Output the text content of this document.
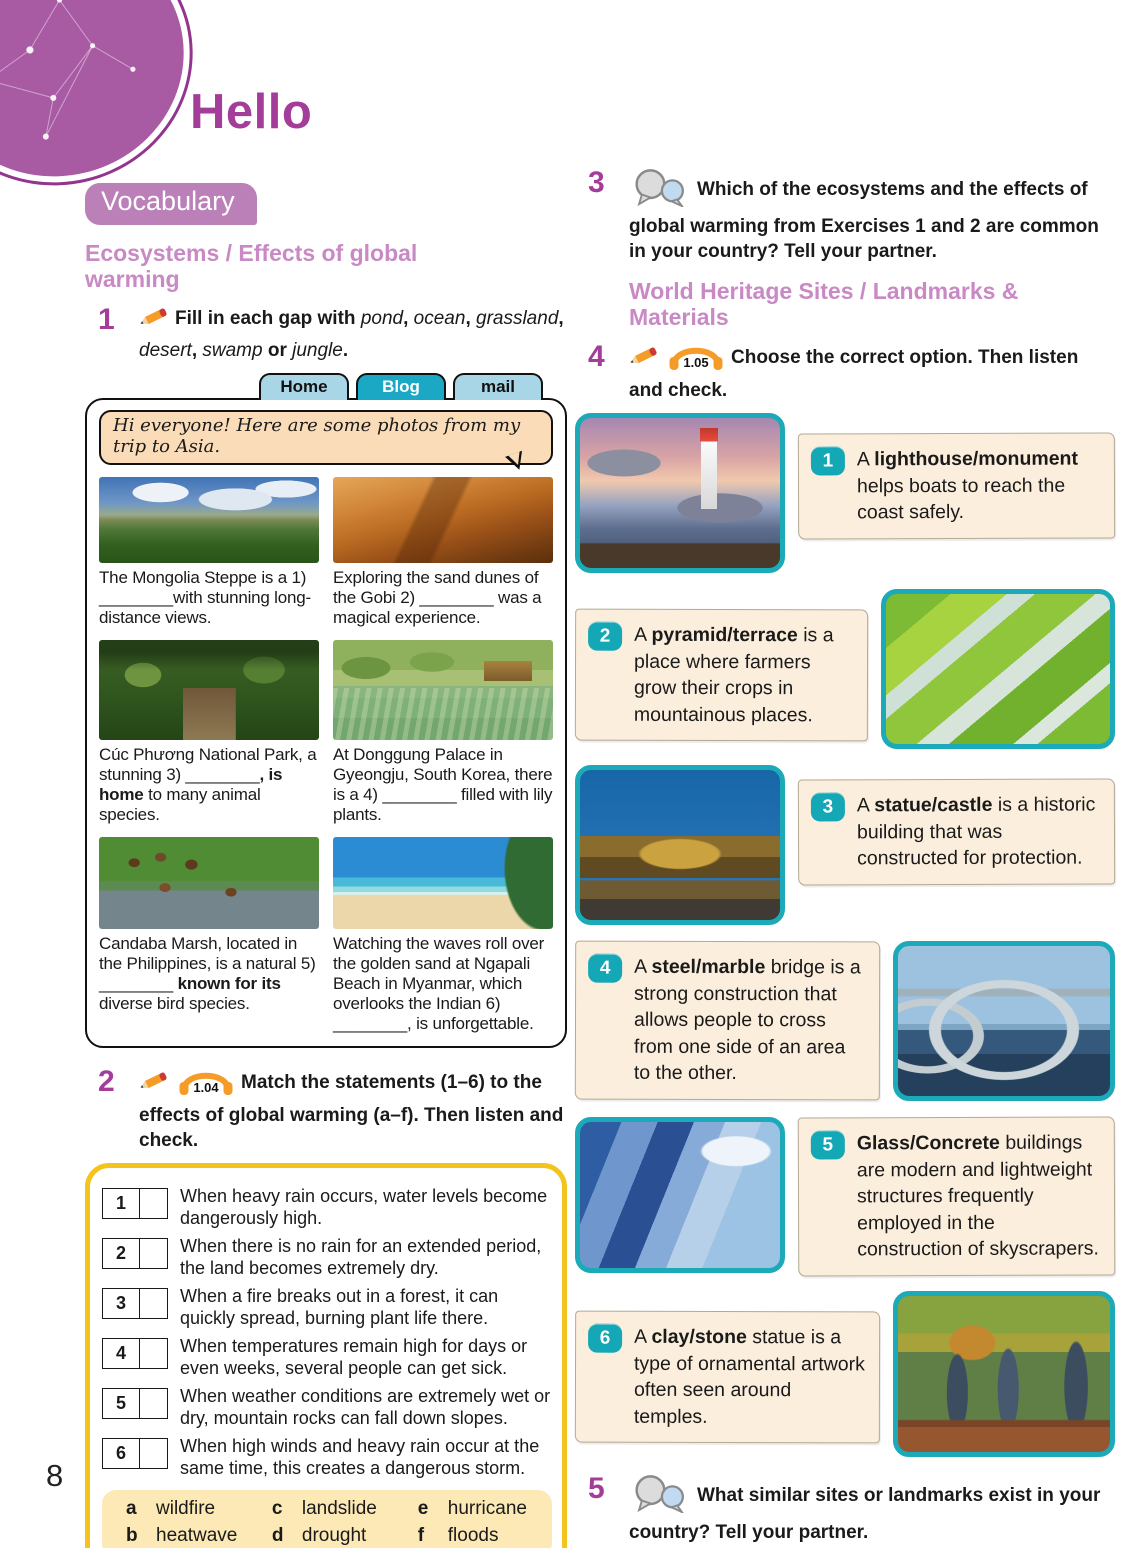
Hello
Vocabulary
Ecosystems / Effects of global warming
1	Fill in each gap with pond, ocean, grassland, desert, swamp or jungle.
Home	Blog	mail
Hi everyone! Here are some photos from my trip to Asia.
The Mongolia Steppe is a 1) ________with stunning long-distance views.
Exploring the sand dunes of the Gobi 2) ________ was a magical experience.
Cúc Phương National Park, a stunning 3) ________, is home to many animal species.
At Donggung Palace in Gyeongju, South Korea, there is a 4) ________ filled with lily plants.
Candaba Marsh, located in the Philippines, is a natural 5) ________ known for its diverse bird species.
Watching the waves roll over the golden sand at Ngapali Beach in Myanmar, which overlooks the Indian 6) ________, is unforgettable.
2	1.04 Match the statements (1–6) to the effects of global warming (a–f). Then listen and check.
1	When heavy rain occurs, water levels become dangerously high.
2	When there is no rain for an extended period, the land becomes extremely dry.
3	When a fire breaks out in a forest, it can quickly spread, burning plant life there.
4	When temperatures remain high for days or even weeks, several people can get sick.
5	When weather conditions are extremely wet or dry, mountain rocks can fall down slopes.
6	When high winds and heavy rain occur at the same time, this creates a dangerous storm.
a wildfire	c landslide	e hurricane
b heatwave	d drought	f floods
3	Which of the ecosystems and the effects of global warming from Exercises 1 and 2 are common in your country? Tell your partner.
World Heritage Sites / Landmarks & Materials
4	1.05 Choose the correct option. Then listen and check.
1	A lighthouse/monument helps boats to reach the coast safely.
2	A pyramid/terrace is a place where farmers grow their crops in mountainous places.
3	A statue/castle is a historic building that was constructed for protection.
4	A steel/marble bridge is a strong construction that allows people to cross from one side of an area to the other.
5	Glass/Concrete buildings are modern and lightweight structures frequently employed in the construction of skyscrapers.
6	A clay/stone statue is a type of ornamental artwork often seen around temples.
5	What similar sites or landmarks exist in your country? Tell your partner.
8
